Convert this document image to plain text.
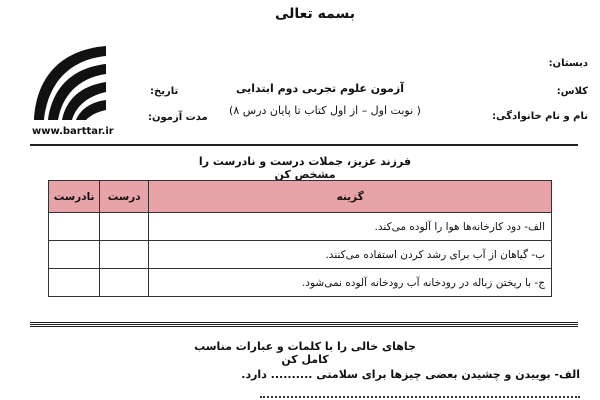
بسمه تعالی
دبستان:
کلاس:
نام و نام خانوادگی:
آزمون علوم تجربی دوم ابتدایی
( نوبت اول – از اول کتاب تا پایان درس ۸)
تاریخ:
مدت آزمون:
www.barttar.ir
فرزند عزیز، جملات درست و نادرست را مشخص کن
گزینه	درست	نادرست
الف- دود کارخانه‌ها هوا را آلوده می‌کند.		
ب- گیاهان از آب برای رشد کردن استفاده می‌کنند.		
ج- با ریختن زباله در رودخانه آب رودخانه آلوده نمی‌شود.		
جاهای خالی را با کلمات و عبارات مناسب کامل کن
الف- بوییدن و چشیدن بعضی چیزها برای سلامتی .......... دارد.
